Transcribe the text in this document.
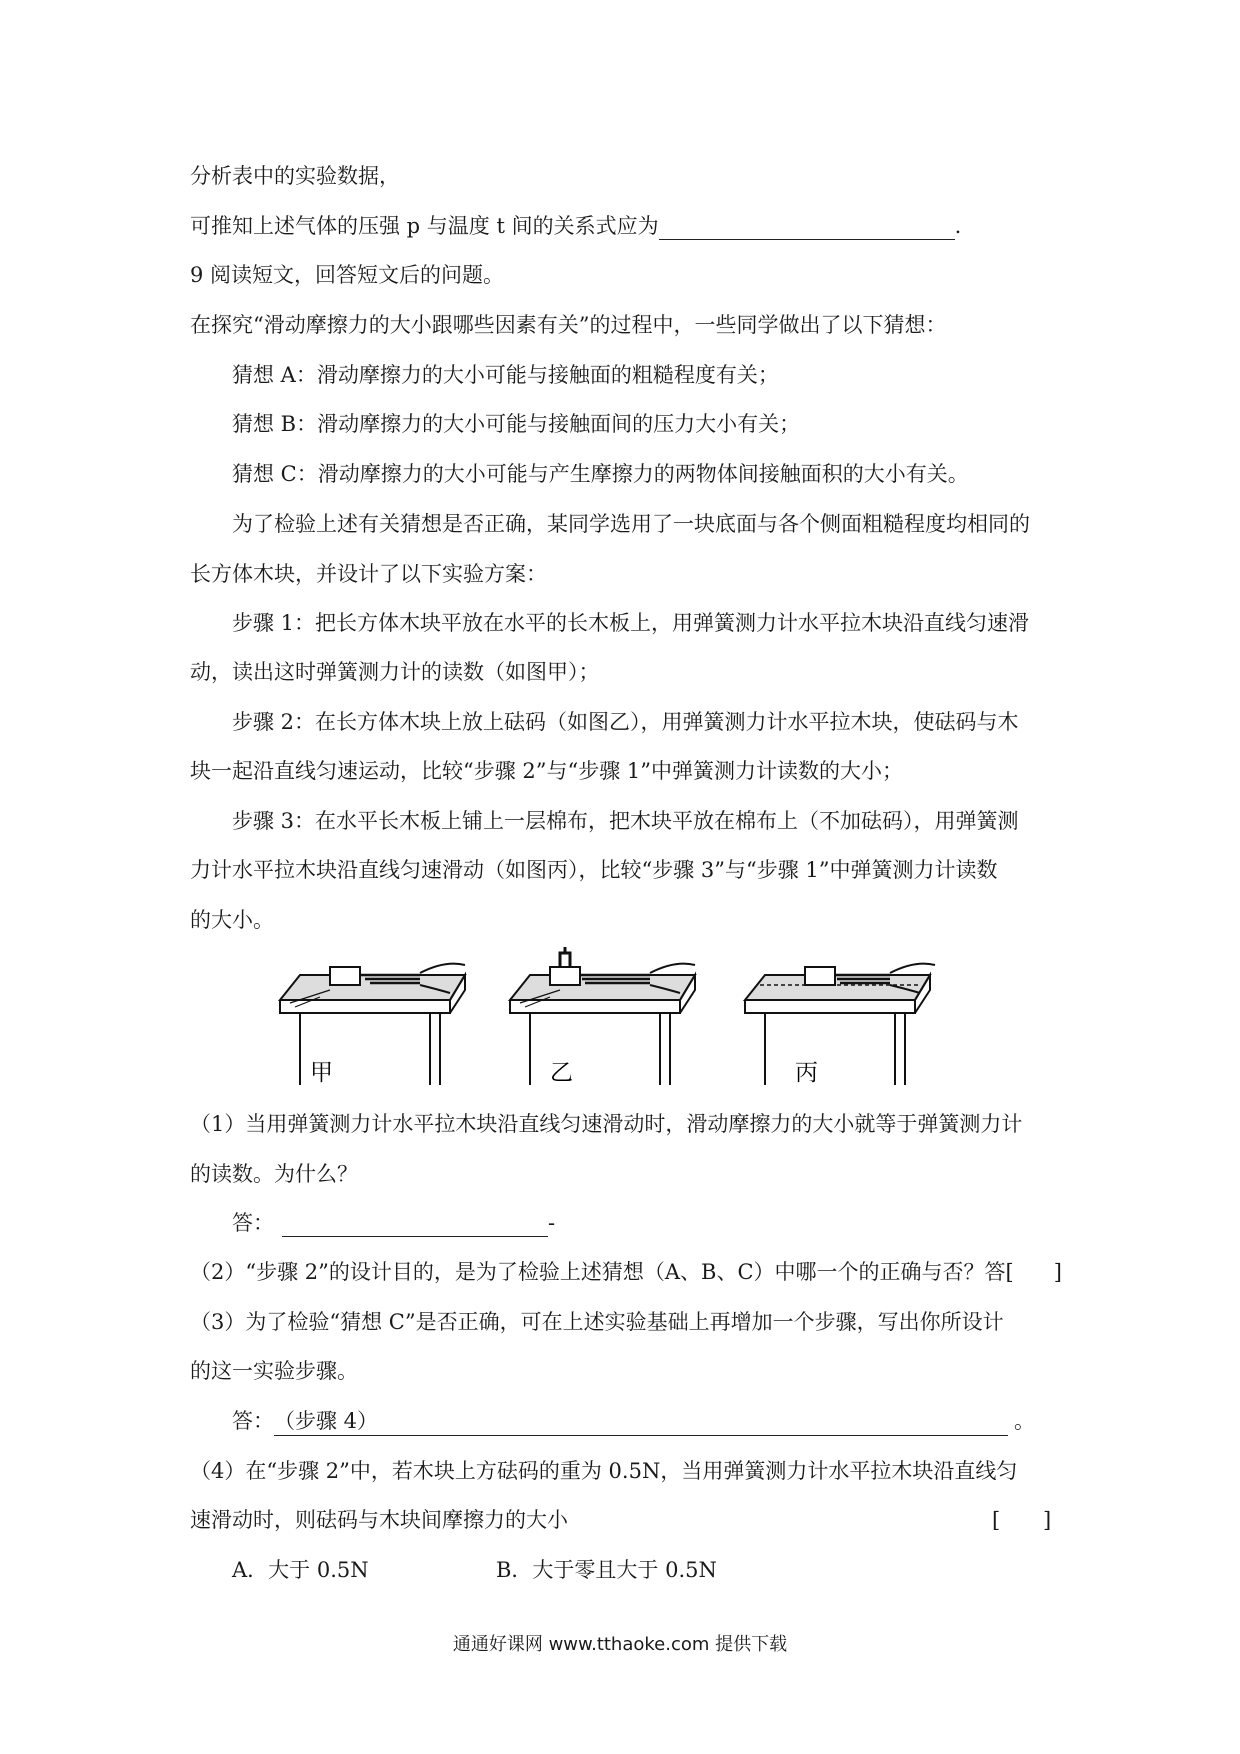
分析表中的实验数据，
可推知上述气体的压强 p 与温度 t 间的关系式应为	.
9 阅读短文，回答短文后的问题。
在探究“滑动摩擦力的大小跟哪些因素有关”的过程中，一些同学做出了以下猜想：
猜想 A：滑动摩擦力的大小可能与接触面的粗糙程度有关；
猜想 B：滑动摩擦力的大小可能与接触面间的压力大小有关；
猜想 C：滑动摩擦力的大小可能与产生摩擦力的两物体间接触面积的大小有关。
为了检验上述有关猜想是否正确，某同学选用了一块底面与各个侧面粗糙程度均相同的
长方体木块，并设计了以下实验方案：
步骤 1：把长方体木块平放在水平的长木板上，用弹簧测力计水平拉木块沿直线匀速滑
动，读出这时弹簧测力计的读数（如图甲）；
步骤 2：在长方体木块上放上砝码（如图乙），用弹簧测力计水平拉木块，使砝码与木
块一起沿直线匀速运动，比较“步骤 2”与“步骤 1”中弹簧测力计读数的大小；
步骤 3：在水平长木板上铺上一层棉布，把木块平放在棉布上（不加砝码），用弹簧测
力计水平拉木块沿直线匀速滑动（如图丙），比较“步骤 3”与“步骤 1”中弹簧测力计读数
的大小。
甲	乙	丙
（1）当用弹簧测力计水平拉木块沿直线匀速滑动时，滑动摩擦力的大小就等于弹簧测力计
的读数。为什么？
答：	-
（2）“步骤 2”的设计目的，是为了检验上述猜想（A、B、C）中哪一个的正确与否？答[ ]
（3）为了检验“猜想 C”是否正确，可在上述实验基础上再增加一个步骤，写出你所设计
的这一实验步骤。
答：（步骤 4）	。
（4）在“步骤 2”中，若木块上方砝码的重为 0.5N，当用弹簧测力计水平拉木块沿直线匀
速滑动时，则砝码与木块间摩擦力的大小	[ ]
A．大于 0.5N	B．大于零且大于 0.5N
通通好课网 www.tthaoke.com 提供下载
